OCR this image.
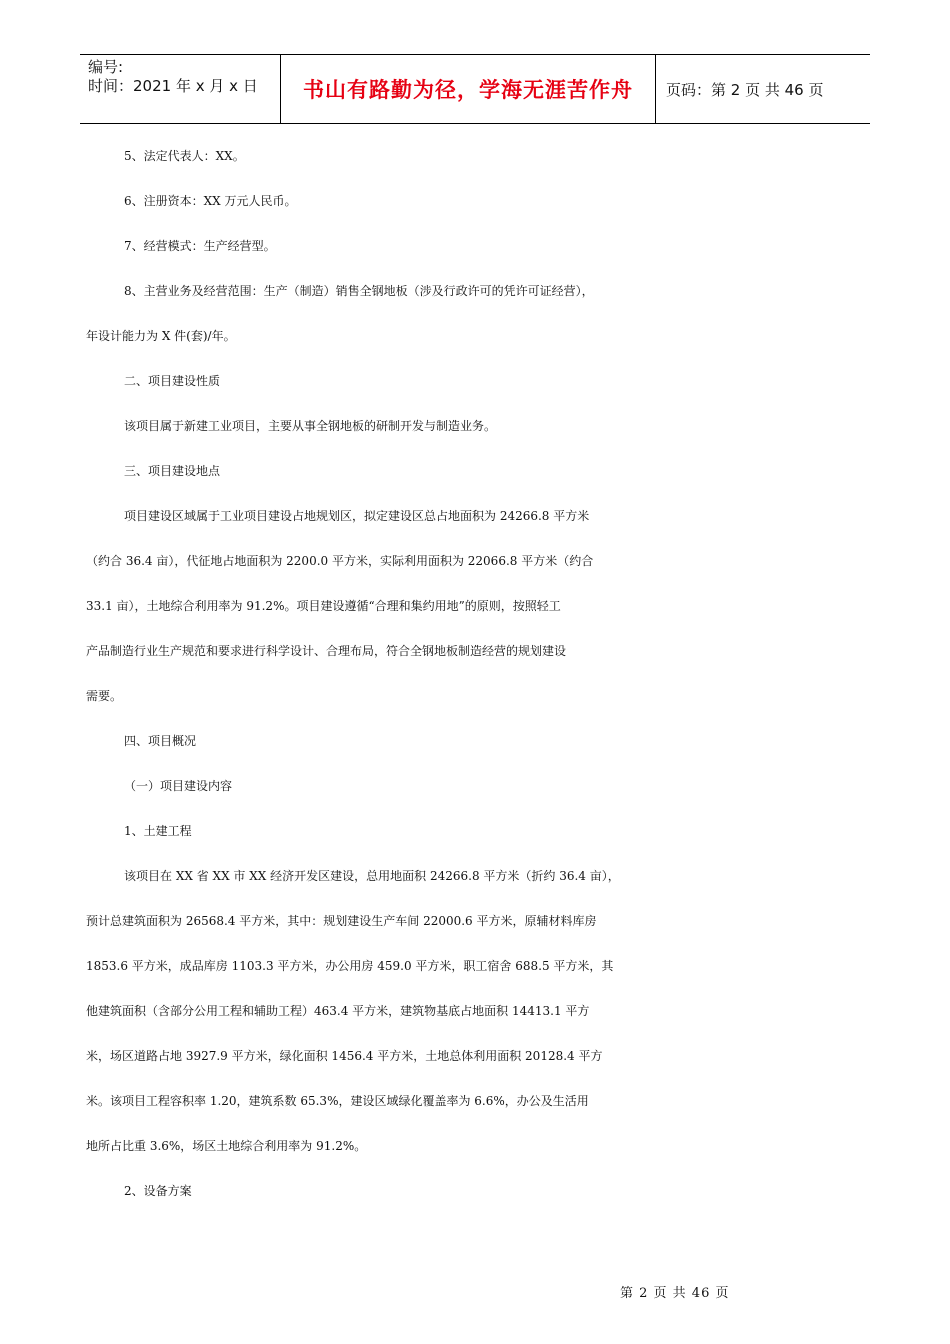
编号:
时间：2021 年 x 月 x 日	书山有路勤为径，学海无涯苦作舟	页码：第 2 页 共 46 页

5、法定代表人：XX。

6、注册资本：XX 万元人民币。

7、经营模式：生产经营型。

8、主营业务及经营范围：生产（制造）销售全钢地板（涉及行政许可的凭许可证经营），

年设计能力为 X 件(套)/年。

二、项目建设性质

该项目属于新建工业项目，主要从事全钢地板的研制开发与制造业务。

三、项目建设地点

项目建设区域属于工业项目建设占地规划区，拟定建设区总占地面积为 24266.8 平方米

（约合 36.4 亩），代征地占地面积为 2200.0 平方米，实际利用面积为 22066.8 平方米（约合

33.1 亩），土地综合利用率为 91.2%。项目建设遵循“合理和集约用地”的原则，按照轻工

产品制造行业生产规范和要求进行科学设计、合理布局，符合全钢地板制造经营的规划建设

需要。

四、项目概况

（一）项目建设内容

1、土建工程

该项目在 XX 省 XX 市 XX 经济开发区建设，总用地面积 24266.8 平方米（折约 36.4 亩），

预计总建筑面积为 26568.4 平方米，其中：规划建设生产车间 22000.6 平方米，原辅材料库房

1853.6 平方米，成品库房 1103.3 平方米，办公用房 459.0 平方米，职工宿舍 688.5 平方米，其

他建筑面积（含部分公用工程和辅助工程）463.4 平方米，建筑物基底占地面积 14413.1 平方

米，场区道路占地 3927.9 平方米，绿化面积 1456.4 平方米，土地总体利用面积 20128.4 平方

米。该项目工程容积率 1.20，建筑系数 65.3%，建设区域绿化覆盖率为 6.6%，办公及生活用

地所占比重 3.6%，场区土地综合利用率为 91.2%。

2、设备方案

第 2 页 共 46 页
